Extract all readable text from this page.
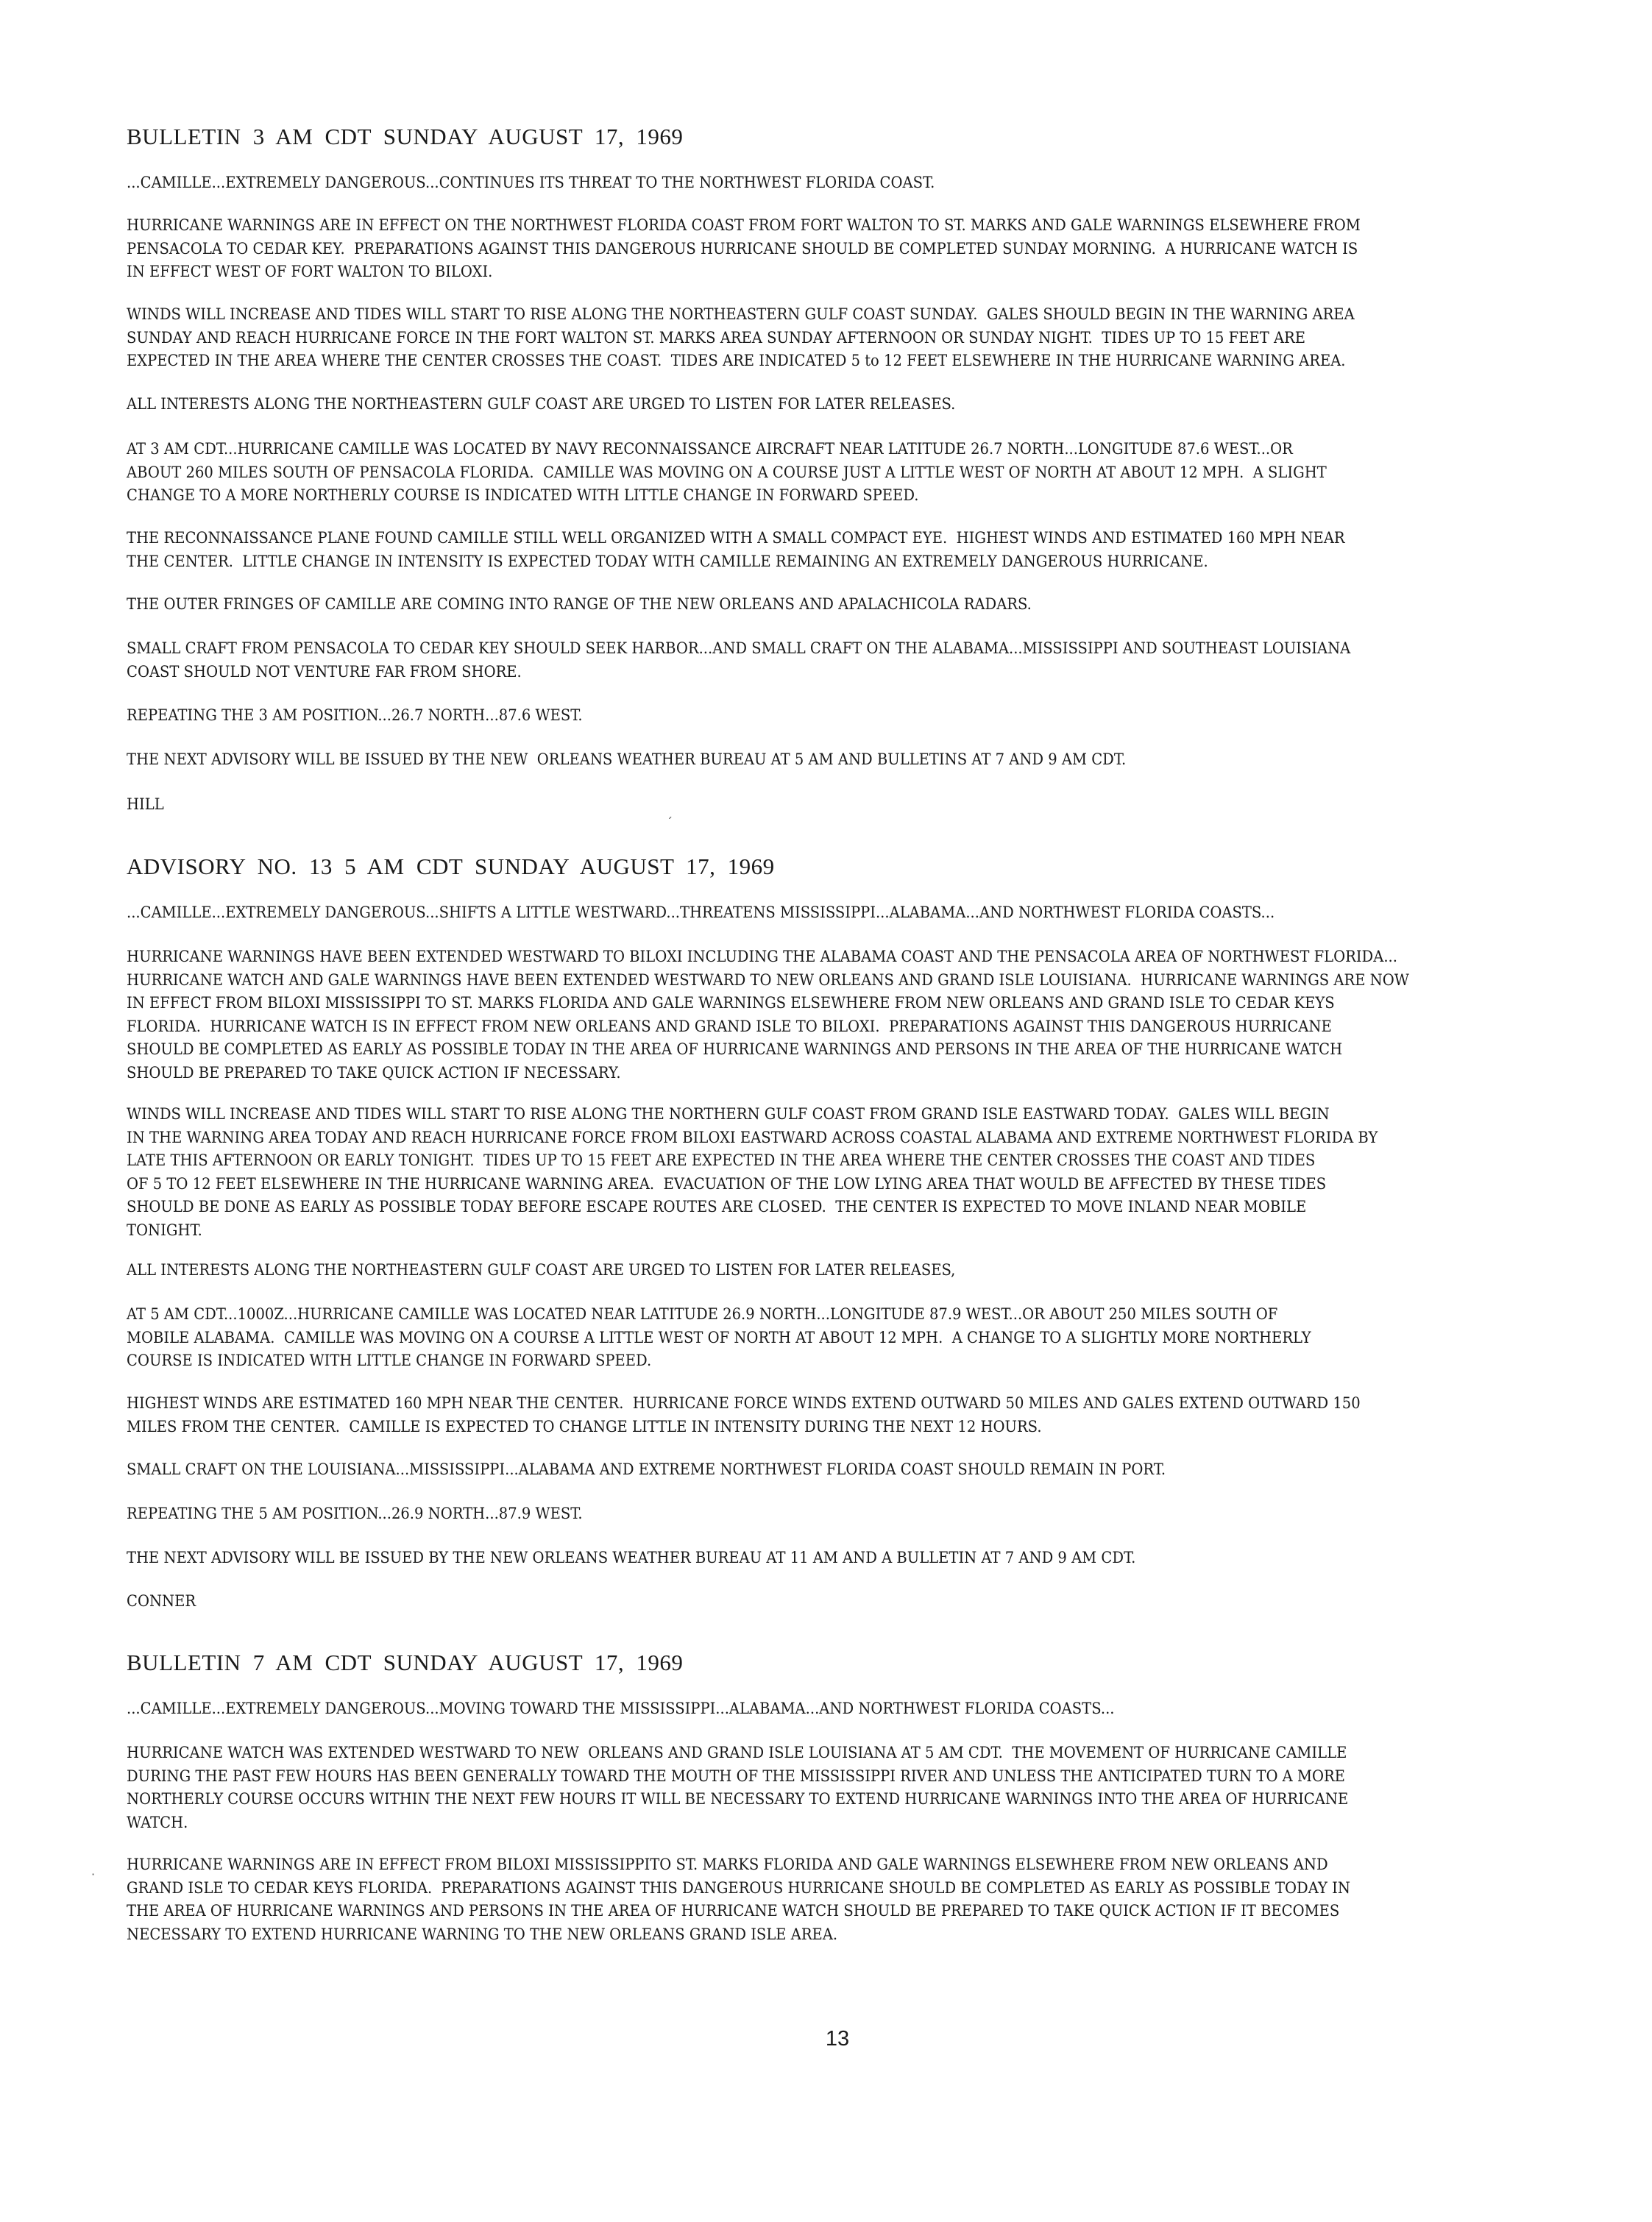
BULLETIN 3 AM CDT SUNDAY AUGUST 17, 1969
...CAMILLE...EXTREMELY DANGEROUS...CONTINUES ITS THREAT TO THE NORTHWEST FLORIDA COAST.
HURRICANE WARNINGS ARE IN EFFECT ON THE NORTHWEST FLORIDA COAST FROM FORT WALTON TO ST. MARKS AND GALE WARNINGS ELSEWHERE FROM
PENSACOLA TO CEDAR KEY.  PREPARATIONS AGAINST THIS DANGEROUS HURRICANE SHOULD BE COMPLETED SUNDAY MORNING.  A HURRICANE WATCH IS
IN EFFECT WEST OF FORT WALTON TO BILOXI.
WINDS WILL INCREASE AND TIDES WILL START TO RISE ALONG THE NORTHEASTERN GULF COAST SUNDAY.  GALES SHOULD BEGIN IN THE WARNING AREA
SUNDAY AND REACH HURRICANE FORCE IN THE FORT WALTON ST. MARKS AREA SUNDAY AFTERNOON OR SUNDAY NIGHT.  TIDES UP TO 15 FEET ARE
EXPECTED IN THE AREA WHERE THE CENTER CROSSES THE COAST.  TIDES ARE INDICATED 5 to 12 FEET ELSEWHERE IN THE HURRICANE WARNING AREA.
ALL INTERESTS ALONG THE NORTHEASTERN GULF COAST ARE URGED TO LISTEN FOR LATER RELEASES.
AT 3 AM CDT...HURRICANE CAMILLE WAS LOCATED BY NAVY RECONNAISSANCE AIRCRAFT NEAR LATITUDE 26.7 NORTH...LONGITUDE 87.6 WEST...OR
ABOUT 260 MILES SOUTH OF PENSACOLA FLORIDA.  CAMILLE WAS MOVING ON A COURSE JUST A LITTLE WEST OF NORTH AT ABOUT 12 MPH.  A SLIGHT
CHANGE TO A MORE NORTHERLY COURSE IS INDICATED WITH LITTLE CHANGE IN FORWARD SPEED.
THE RECONNAISSANCE PLANE FOUND CAMILLE STILL WELL ORGANIZED WITH A SMALL COMPACT EYE.  HIGHEST WINDS AND ESTIMATED 160 MPH NEAR
THE CENTER.  LITTLE CHANGE IN INTENSITY IS EXPECTED TODAY WITH CAMILLE REMAINING AN EXTREMELY DANGEROUS HURRICANE.
THE OUTER FRINGES OF CAMILLE ARE COMING INTO RANGE OF THE NEW ORLEANS AND APALACHICOLA RADARS.
SMALL CRAFT FROM PENSACOLA TO CEDAR KEY SHOULD SEEK HARBOR...AND SMALL CRAFT ON THE ALABAMA...MISSISSIPPI AND SOUTHEAST LOUISIANA
COAST SHOULD NOT VENTURE FAR FROM SHORE.
REPEATING THE 3 AM POSITION...26.7 NORTH...87.6 WEST.
THE NEXT ADVISORY WILL BE ISSUED BY THE NEW  ORLEANS WEATHER BUREAU AT 5 AM AND BULLETINS AT 7 AND 9 AM CDT.
HILL
ADVISORY NO. 13 5 AM CDT SUNDAY AUGUST 17, 1969
...CAMILLE...EXTREMELY DANGEROUS...SHIFTS A LITTLE WESTWARD...THREATENS MISSISSIPPI...ALABAMA...AND NORTHWEST FLORIDA COASTS...
HURRICANE WARNINGS HAVE BEEN EXTENDED WESTWARD TO BILOXI INCLUDING THE ALABAMA COAST AND THE PENSACOLA AREA OF NORTHWEST FLORIDA...
HURRICANE WATCH AND GALE WARNINGS HAVE BEEN EXTENDED WESTWARD TO NEW ORLEANS AND GRAND ISLE LOUISIANA.  HURRICANE WARNINGS ARE NOW
IN EFFECT FROM BILOXI MISSISSIPPI TO ST. MARKS FLORIDA AND GALE WARNINGS ELSEWHERE FROM NEW ORLEANS AND GRAND ISLE TO CEDAR KEYS
FLORIDA.  HURRICANE WATCH IS IN EFFECT FROM NEW ORLEANS AND GRAND ISLE TO BILOXI.  PREPARATIONS AGAINST THIS DANGEROUS HURRICANE
SHOULD BE COMPLETED AS EARLY AS POSSIBLE TODAY IN THE AREA OF HURRICANE WARNINGS AND PERSONS IN THE AREA OF THE HURRICANE WATCH
SHOULD BE PREPARED TO TAKE QUICK ACTION IF NECESSARY.
WINDS WILL INCREASE AND TIDES WILL START TO RISE ALONG THE NORTHERN GULF COAST FROM GRAND ISLE EASTWARD TODAY.  GALES WILL BEGIN
IN THE WARNING AREA TODAY AND REACH HURRICANE FORCE FROM BILOXI EASTWARD ACROSS COASTAL ALABAMA AND EXTREME NORTHWEST FLORIDA BY
LATE THIS AFTERNOON OR EARLY TONIGHT.  TIDES UP TO 15 FEET ARE EXPECTED IN THE AREA WHERE THE CENTER CROSSES THE COAST AND TIDES
OF 5 TO 12 FEET ELSEWHERE IN THE HURRICANE WARNING AREA.  EVACUATION OF THE LOW LYING AREA THAT WOULD BE AFFECTED BY THESE TIDES
SHOULD BE DONE AS EARLY AS POSSIBLE TODAY BEFORE ESCAPE ROUTES ARE CLOSED.  THE CENTER IS EXPECTED TO MOVE INLAND NEAR MOBILE
TONIGHT.
ALL INTERESTS ALONG THE NORTHEASTERN GULF COAST ARE URGED TO LISTEN FOR LATER RELEASES,
AT 5 AM CDT...1000Z...HURRICANE CAMILLE WAS LOCATED NEAR LATITUDE 26.9 NORTH...LONGITUDE 87.9 WEST...OR ABOUT 250 MILES SOUTH OF
MOBILE ALABAMA.  CAMILLE WAS MOVING ON A COURSE A LITTLE WEST OF NORTH AT ABOUT 12 MPH.  A CHANGE TO A SLIGHTLY MORE NORTHERLY
COURSE IS INDICATED WITH LITTLE CHANGE IN FORWARD SPEED.
HIGHEST WINDS ARE ESTIMATED 160 MPH NEAR THE CENTER.  HURRICANE FORCE WINDS EXTEND OUTWARD 50 MILES AND GALES EXTEND OUTWARD 150
MILES FROM THE CENTER.  CAMILLE IS EXPECTED TO CHANGE LITTLE IN INTENSITY DURING THE NEXT 12 HOURS.
SMALL CRAFT ON THE LOUISIANA...MISSISSIPPI...ALABAMA AND EXTREME NORTHWEST FLORIDA COAST SHOULD REMAIN IN PORT.
REPEATING THE 5 AM POSITION...26.9 NORTH...87.9 WEST.
THE NEXT ADVISORY WILL BE ISSUED BY THE NEW ORLEANS WEATHER BUREAU AT 11 AM AND A BULLETIN AT 7 AND 9 AM CDT.
CONNER
BULLETIN 7 AM CDT SUNDAY AUGUST 17, 1969
...CAMILLE...EXTREMELY DANGEROUS...MOVING TOWARD THE MISSISSIPPI...ALABAMA...AND NORTHWEST FLORIDA COASTS...
HURRICANE WATCH WAS EXTENDED WESTWARD TO NEW  ORLEANS AND GRAND ISLE LOUISIANA AT 5 AM CDT.  THE MOVEMENT OF HURRICANE CAMILLE
DURING THE PAST FEW HOURS HAS BEEN GENERALLY TOWARD THE MOUTH OF THE MISSISSIPPI RIVER AND UNLESS THE ANTICIPATED TURN TO A MORE
NORTHERLY COURSE OCCURS WITHIN THE NEXT FEW HOURS IT WILL BE NECESSARY TO EXTEND HURRICANE WARNINGS INTO THE AREA OF HURRICANE
WATCH.
HURRICANE WARNINGS ARE IN EFFECT FROM BILOXI MISSISSIPPITO ST. MARKS FLORIDA AND GALE WARNINGS ELSEWHERE FROM NEW ORLEANS AND
GRAND ISLE TO CEDAR KEYS FLORIDA.  PREPARATIONS AGAINST THIS DANGEROUS HURRICANE SHOULD BE COMPLETED AS EARLY AS POSSIBLE TODAY IN
THE AREA OF HURRICANE WARNINGS AND PERSONS IN THE AREA OF HURRICANE WATCH SHOULD BE PREPARED TO TAKE QUICK ACTION IF IT BECOMES
NECESSARY TO EXTEND HURRICANE WARNING TO THE NEW ORLEANS GRAND ISLE AREA.
ˏ
·
13
